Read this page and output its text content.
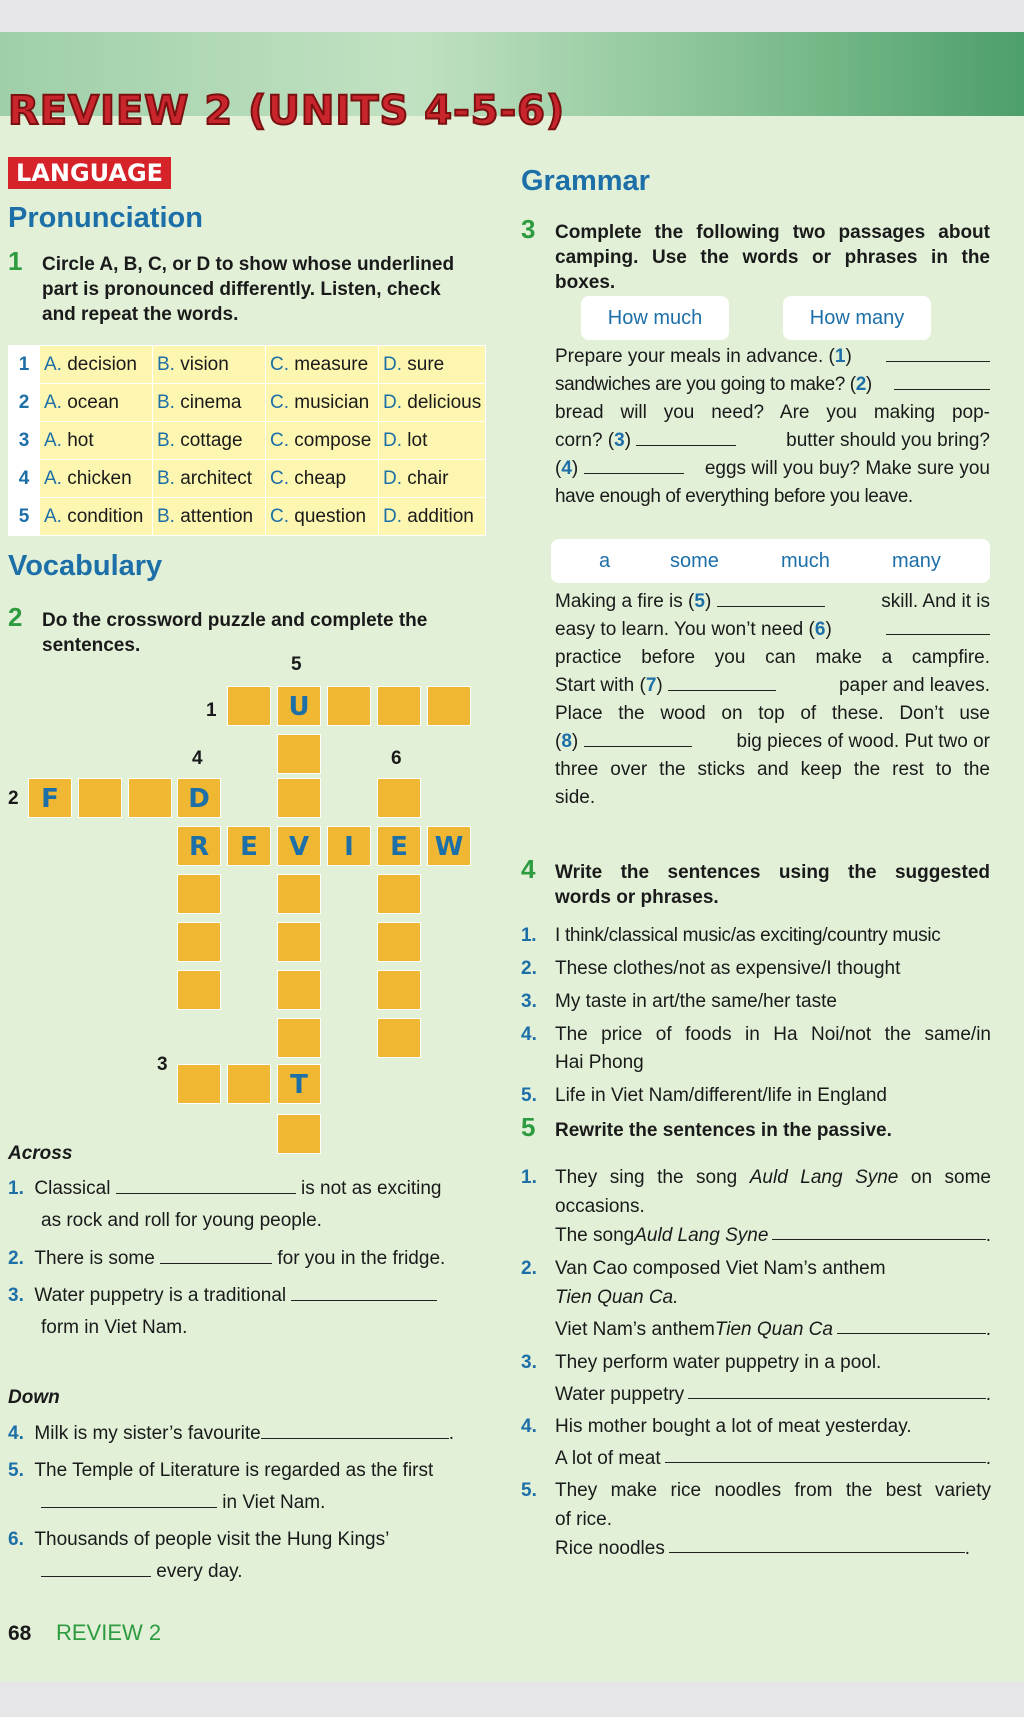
REVIEW 2 (UNITS 4-5-6)
LANGUAGE
Pronunciation
1 Circle A, B, C, or D to show whose underlined
part is pronounced differently. Listen, check
and repeat the words.
1	A. decision	B. vision	C. measure	D. sure
2	A. ocean	B. cinema	C. musician	D. delicious
3	A. hot	B. cottage	C. compose	D. lot
4	A. chicken	B. architect	C. cheap	D. chair
5	A. condition	B. attention	C. question	D. addition
Vocabulary
2 Do the crossword puzzle and complete the
sentences.
5
1
4	6
2
3
U
F	D
R	E	V	I	E	W
T
Across
1. Classical	is not as exciting
as rock and roll for young people.
2. There is some	for you in the fridge.
3. Water puppetry is a traditional
form in Viet Nam.
Down
4. Milk is my sister’s favourite	.
5. The Temple of Literature is regarded as the first
in Viet Nam.
6. Thousands of people visit the Hung Kings’
every day.
Grammar
3 Complete the following two passages about
camping. Use the words or phrases in the
boxes.
How much	How many
Prepare your meals in advance. ( 1 )
sandwiches are you going to make? ( 2 )
bread will you need? Are you making pop-
corn? ( 3 )
	butter should you bring?
( 4 )
	eggs will you buy? Make sure you
have enough of everything before you leave.
a	some	much	many
Making a fire is ( 5 )
	skill. And it is
easy to learn. You won’t need ( 6 )
practice before you can make a campfire.
Start with ( 7 )
	paper and leaves.
Place the wood on top of these. Don’t use
( 8 )
	big pieces of wood. Put two or
three over the sticks and keep the rest to the
side.
4 Write the sentences using the suggested
words or phrases.
1. I think/classical music/as exciting/country music
2. These clothes/not as expensive/I thought
3. My taste in art/the same/her taste
4. The price of foods in Ha Noi/not the same/in
Hai Phong
5. Life in Viet Nam/different/life in England
5 Rewrite the sentences in the passive.
1. They sing the song Auld Lang Syne on some
occasions.
The song Auld Lang Syne	.
2. Van Cao composed Viet Nam’s anthem
Tien Quan Ca.
Viet Nam’s anthem Tien Quan Ca	.
3. They perform water puppetry in a pool.
Water puppetry	.
4. His mother bought a lot of meat yesterday.
A lot of meat	.
5. They make rice noodles from the best variety
of rice.
Rice noodles	.
68 REVIEW 2
